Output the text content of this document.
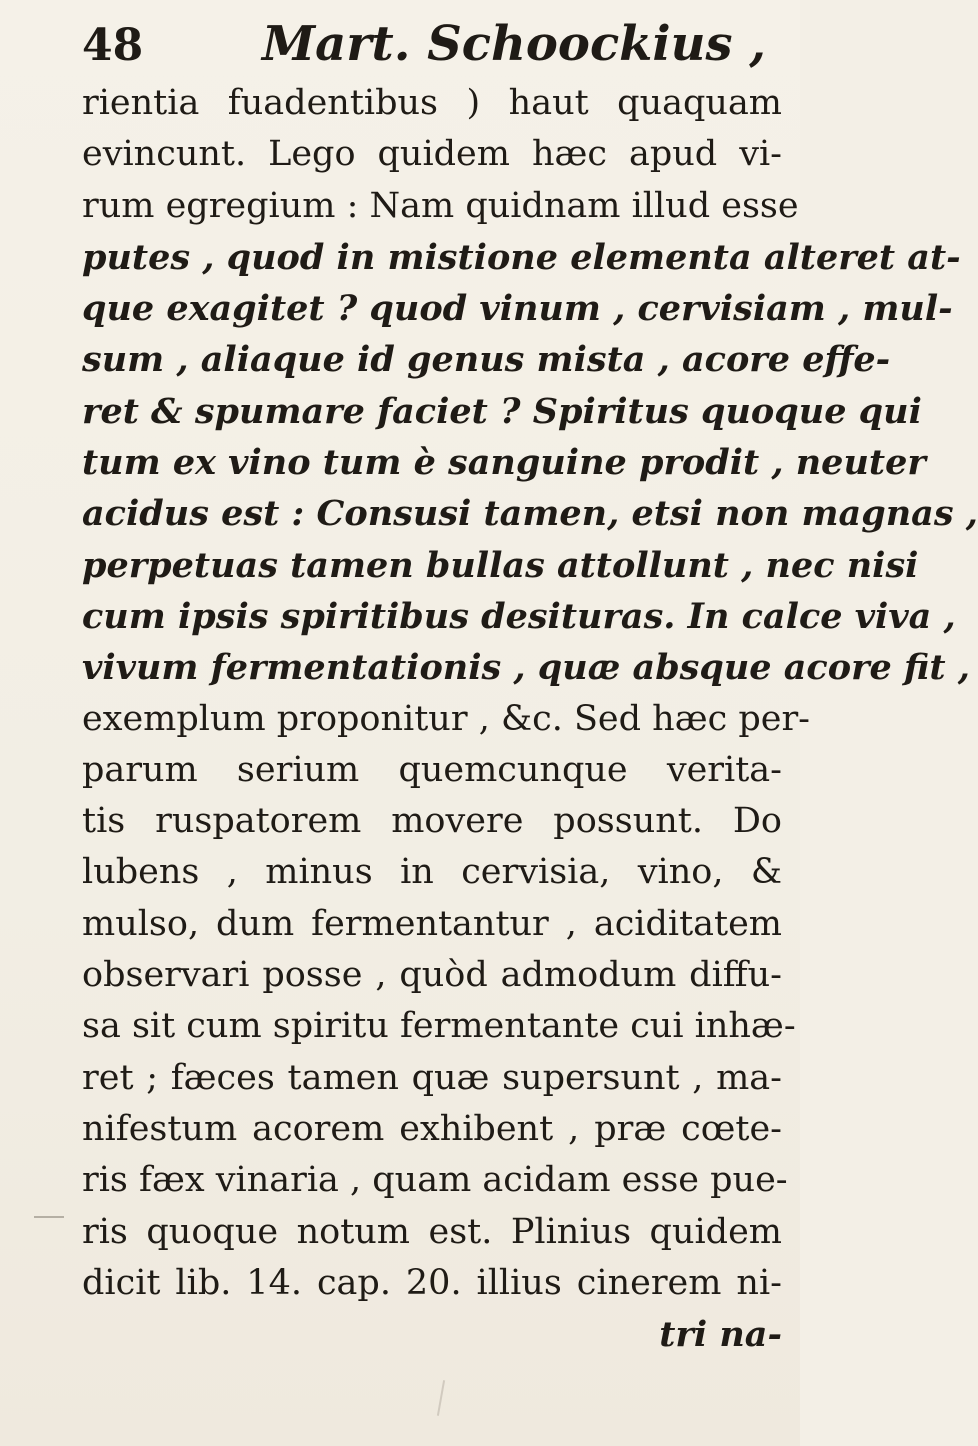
48 Mart. Schoockius ,
rientia fuadentibus ) haut quaquam
evincunt. Lego quidem hæc apud vi-
rum egregium : Nam quidnam illud esse
putes , quod in mistione elementa alteret at-
que exagitet ? quod vinum , cervisiam , mul-
sum , aliaque id genus mista , acore effe-
ret & spumare faciet ? Spiritus quoque qui
tum ex vino tum è sanguine prodit , neuter
acidus est : Consusi tamen, etsi non magnas ,
perpetuas tamen bullas attollunt , nec nisi
cum ipsis spiritibus desituras. In calce viva ,
vivum fermentationis , quæ absque acore fit ,
exemplum proponitur , &c. Sed hæc per-
parum serium quemcunque verita-
tis ruspatorem movere possunt. Do
lubens , minus in cervisia, vino, &
mulso, dum fermentantur , aciditatem
observari posse , quòd admodum diffu-
sa sit cum spiritu fermentante cui inhæ-
ret ; fæces tamen quæ supersunt , ma-
nifestum acorem exhibent , præ cœte-
ris fæx vinaria , quam acidam esse pue-
ris quoque notum est. Plinius quidem
dicit lib. 14. cap. 20. illius cinerem ni-
tri na-
